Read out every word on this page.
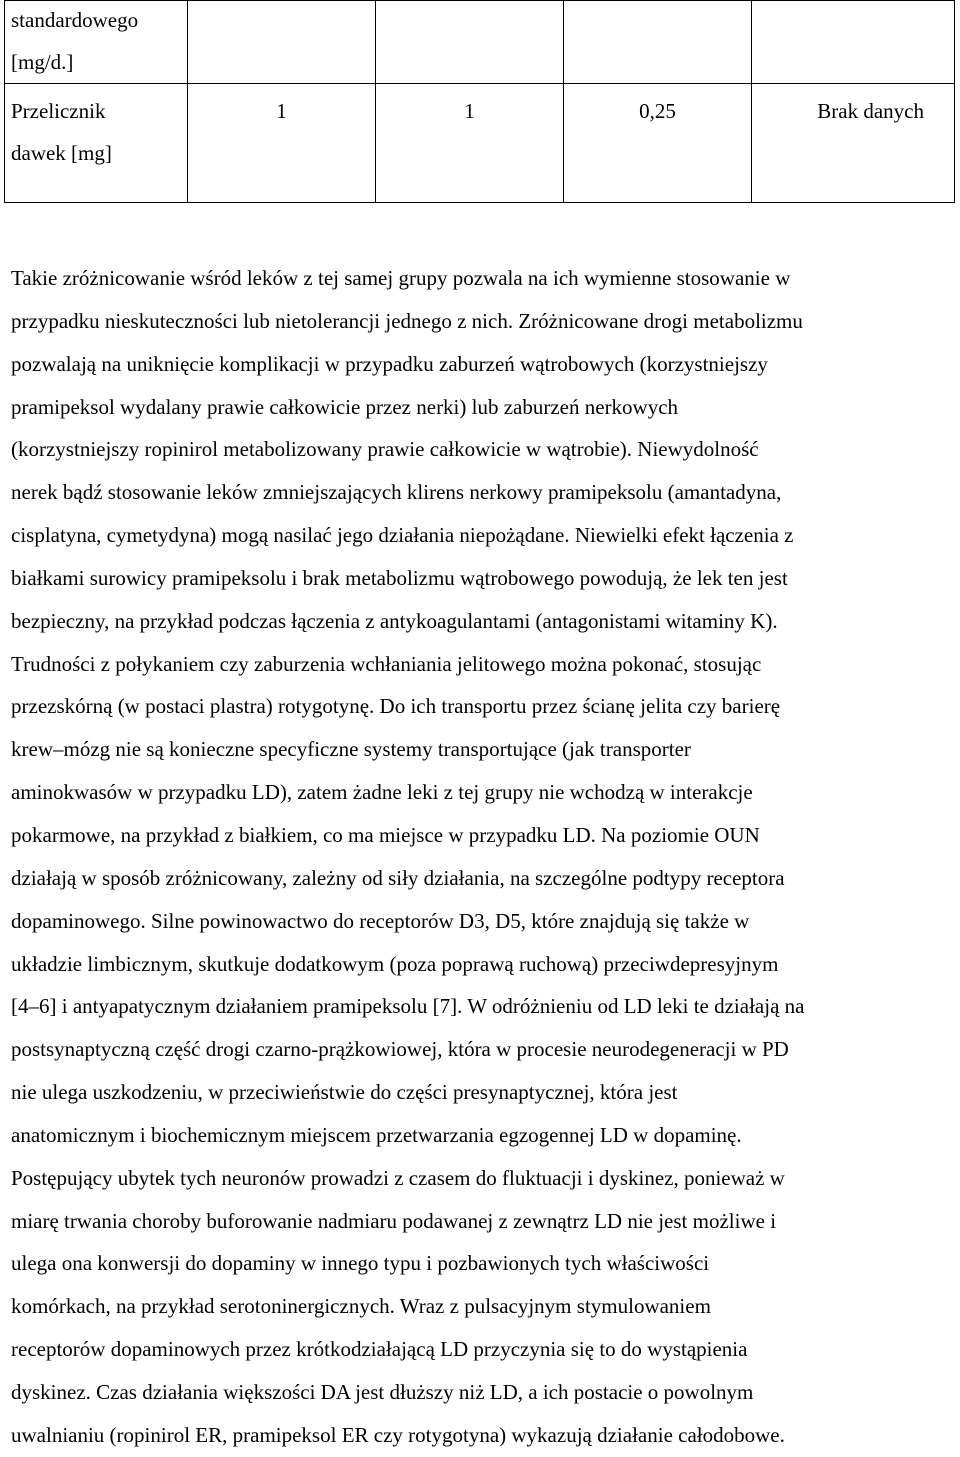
standardowego
[mg/d.]				

Przelicznik
dawek [mg]	1	1	0,25	Brak danych

Takie zróżnicowanie wśród leków z tej samej grupy pozwala na ich wymienne stosowanie w
przypadku nieskuteczności lub nietolerancji jednego z nich. Zróżnicowane drogi metabolizmu
pozwalają na uniknięcie komplikacji w przypadku zaburzeń wątrobowych (korzystniejszy
pramipeksol wydalany prawie całkowicie przez nerki) lub zaburzeń nerkowych
(korzystniejszy ropinirol metabolizowany prawie całkowicie w wątrobie). Niewydolność
nerek bądź stosowanie leków zmniejszających klirens nerkowy pramipeksolu (amantadyna,
cisplatyna, cymetydyna) mogą nasilać jego działania niepożądane. Niewielki efekt łączenia z
białkami surowicy pramipeksolu i brak metabolizmu wątrobowego powodują, że lek ten jest
bezpieczny, na przykład podczas łączenia z antykoagulantami (antagonistami witaminy K).
Trudności z połykaniem czy zaburzenia wchłaniania jelitowego można pokonać, stosując
przezskórną (w postaci plastra) rotygotynę. Do ich transportu przez ścianę jelita czy barierę
krew–mózg nie są konieczne specyficzne systemy transportujące (jak transporter
aminokwasów w przypadku LD), zatem żadne leki z tej grupy nie wchodzą w interakcje
pokarmowe, na przykład z białkiem, co ma miejsce w przypadku LD. Na poziomie OUN
działają w sposób zróżnicowany, zależny od siły działania, na szczególne podtypy receptora
dopaminowego. Silne powinowactwo do receptorów D3, D5, które znajdują się także w
układzie limbicznym, skutkuje dodatkowym (poza poprawą ruchową) przeciwdepresyjnym
[4–6] i antyapatycznym działaniem pramipeksolu [7]. W odróżnieniu od LD leki te działają na
postsynaptyczną część drogi czarno-prążkowiowej, która w procesie neurodegeneracji w PD
nie ulega uszkodzeniu, w przeciwieństwie do części presynaptycznej, która jest
anatomicznym i biochemicznym miejscem przetwarzania egzogennej LD w dopaminę.
Postępujący ubytek tych neuronów prowadzi z czasem do fluktuacji i dyskinez, ponieważ w
miarę trwania choroby buforowanie nadmiaru podawanej z zewnątrz LD nie jest możliwe i
ulega ona konwersji do dopaminy w innego typu i pozbawionych tych właściwości
komórkach, na przykład serotoninergicznych. Wraz z pulsacyjnym stymulowaniem
receptorów dopaminowych przez krótkodziałającą LD przyczynia się to do wystąpienia
dyskinez. Czas działania większości DA jest dłuższy niż LD, a ich postacie o powolnym
uwalnianiu (ropinirol ER, pramipeksol ER czy rotygotyna) wykazują działanie całodobowe.
